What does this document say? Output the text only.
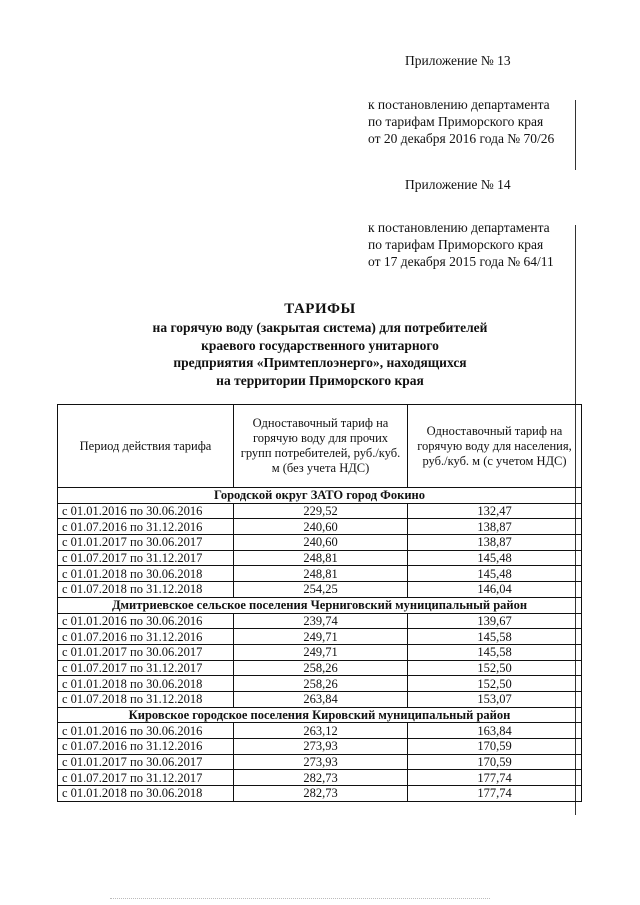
Приложение № 13
к постановлению департамента
по тарифам Приморского края
от 20 декабря 2016 года № 70/26
Приложение № 14
к постановлению департамента
по тарифам Приморского края
от 17 декабря 2015 года № 64/11
ТАРИФЫ
на горячую воду (закрытая система) для потребителей
краевого государственного унитарного
предприятия «Примтеплоэнерго», находящихся
на территории Приморского края
Период действия тарифа	Одноставочный тариф на горячую воду для прочих групп потребителей, руб./куб. м (без учета НДС)	Одноставочный тариф на горячую воду для населения, руб./куб. м (с учетом НДС)
Городской округ ЗАТО город Фокино		
с 01.01.2016 по 30.06.2016	229,52	132,47
с 01.07.2016 по 31.12.2016	240,60	138,87
с 01.01.2017 по 30.06.2017	240,60	138,87
с 01.07.2017 по 31.12.2017	248,81	145,48
с 01.01.2018 по 30.06.2018	248,81	145,48
с 01.07.2018 по 31.12.2018	254,25	146,04
Дмитриевское сельское поселения Черниговский муниципальный район		
с 01.01.2016 по 30.06.2016	239,74	139,67
с 01.07.2016 по 31.12.2016	249,71	145,58
с 01.01.2017 по 30.06.2017	249,71	145,58
с 01.07.2017 по 31.12.2017	258,26	152,50
с 01.01.2018 по 30.06.2018	258,26	152,50
с 01.07.2018 по 31.12.2018	263,84	153,07
Кировское городское поселения Кировский муниципальный район		
с 01.01.2016 по 30.06.2016	263,12	163,84
с 01.07.2016 по 31.12.2016	273,93	170,59
с 01.01.2017 по 30.06.2017	273,93	170,59
с 01.07.2017 по 31.12.2017	282,73	177,74
с 01.01.2018 по 30.06.2018	282,73	177,74
